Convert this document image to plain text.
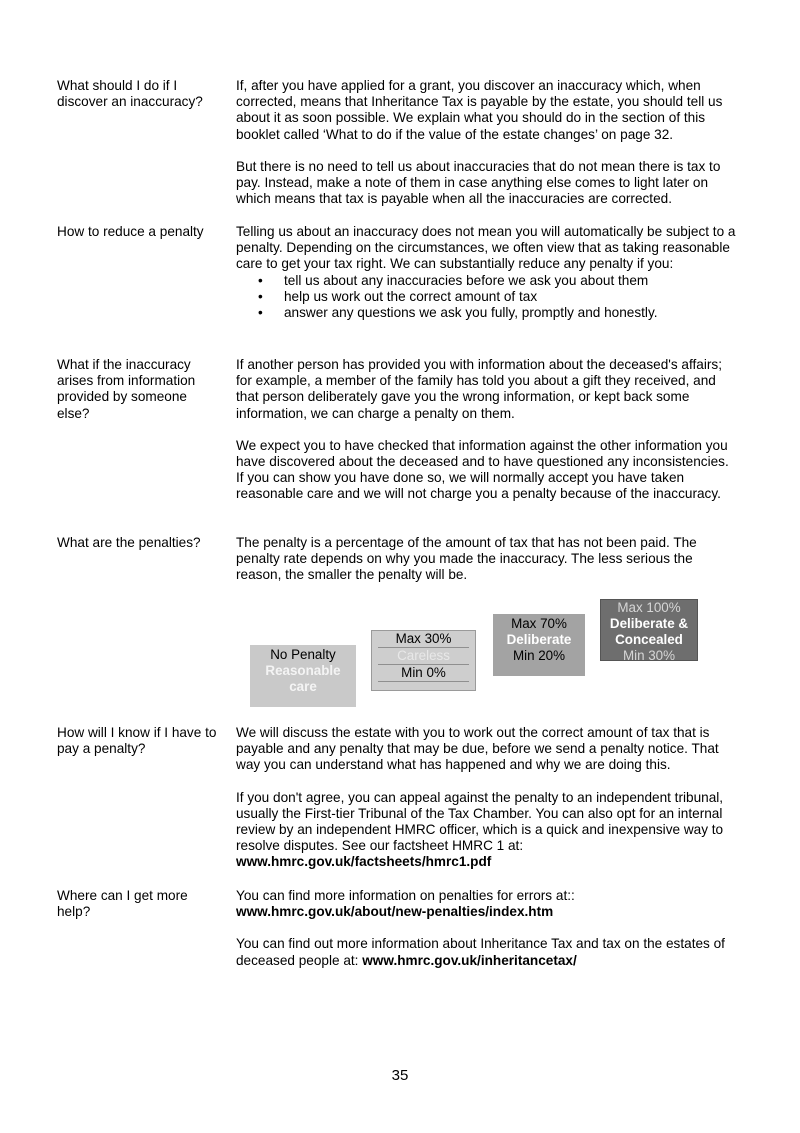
What should I do if I discover an inaccuracy?

If, after you have applied for a grant, you discover an inaccuracy which, when corrected, means that Inheritance Tax is payable by the estate, you should tell us about it as soon possible. We explain what you should do in the section of this booklet called ‘What to do if the value of the estate changes’ on page 32.

But there is no need to tell us about inaccuracies that do not mean there is tax to pay. Instead, make a note of them in case anything else comes to light later on which means that tax is payable when all the inaccuracies are corrected.

How to reduce a penalty	Telling us about an inaccuracy does not mean you will automatically be subject to a penalty. Depending on the circumstances, we often view that as taking reasonable care to get your tax right. We can substantially reduce any penalty if you:

• tell us about any inaccuracies before we ask you about them
• help us work out the correct amount of tax
• answer any questions we ask you fully, promptly and honestly.
What if the inaccuracy arises from information provided by someone else?

If another person has provided you with information about the deceased's affairs; for example, a member of the family has told you about a gift they received, and that person deliberately gave you the wrong information, or kept back some information, we can charge a penalty on them.

We expect you to have checked that information against the other information you have discovered about the deceased and to have questioned any inconsistencies. If you can show you have done so, we will normally accept you have taken reasonable care and we will not charge you a penalty because of the inaccuracy.

What are the penalties?	The penalty is a percentage of the amount of tax that has not been paid. The penalty rate depends on why you made the inaccuracy. The less serious the reason, the smaller the penalty will be.

No Penalty
Reasonable care
Max 30%
Careless
Min 0%
Max 70%
Deliberate
Min 20%
Max 100%
Deliberate & Concealed
Min 30%
How will I know if I have to pay a penalty?

We will discuss the estate with you to work out the correct amount of tax that is payable and any penalty that may be due, before we send a penalty notice. That way you can understand what has happened and why we are doing this.

If you don't agree, you can appeal against the penalty to an independent tribunal, usually the First-tier Tribunal of the Tax Chamber. You can also opt for an internal review by an independent HMRC officer, which is a quick and inexpensive way to resolve disputes. See our factsheet HMRC 1 at:

www.hmrc.gov.uk/factsheets/hmrc1.pdf
Where can I get more help?
You can find more information on penalties for errors at::
www.hmrc.gov.uk/about/new-penalties/index.htm
You can find out more information about Inheritance Tax and tax on the estates of deceased people at: www.hmrc.gov.uk/inheritancetax/
35
